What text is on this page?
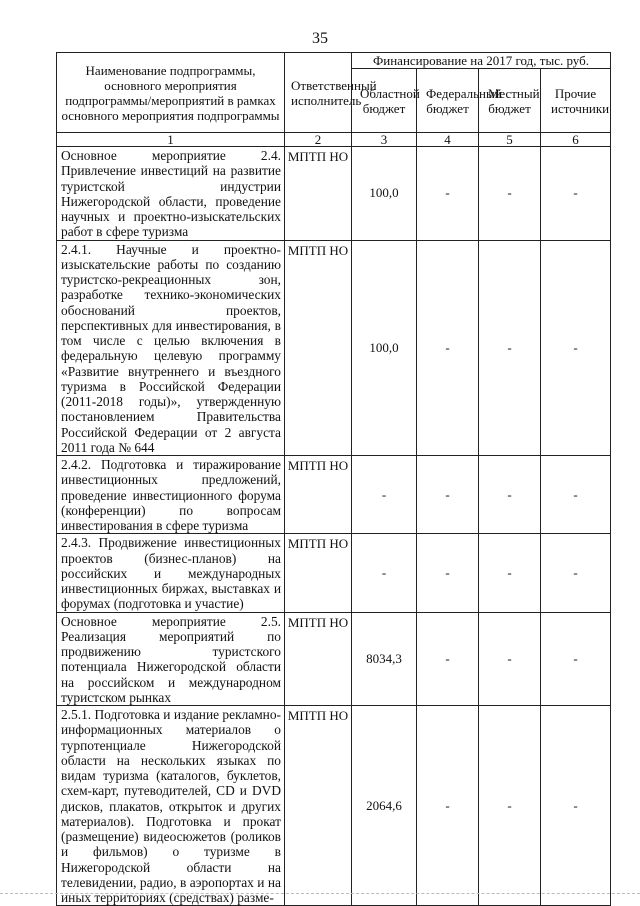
35
Наименование подпрограммы, основного мероприятия подпрограммы/мероприятий в рамках основного мероприятия подпрограммы	Ответственный исполнитель	Финансирование на 2017 год, тыс. руб.			
		Областной бюджет	Федеральный бюджет	Местный бюджет	Прочие источники
1	2	3	4	5	6
Основное мероприятие 2.4. Привлечение инвестиций на развитие туристской индустрии Нижегородской области, проведение научных и проектно-изыскательских работ в сфере туризма	МПТП НО	100,0	-	-	-
2.4.1. Научные и проектно-изыскательские работы по созданию туристско-рекреационных зон, разработке технико-экономических обоснований проектов, перспективных для инвестирования, в том числе с целью включения в федеральную целевую программу «Развитие внутреннего и въездного туризма в Российской Федерации (2011-2018 годы)», утвержденную постановлением Правительства Российской Федерации от 2 августа 2011 года № 644	МПТП НО	100,0	-	-	-
2.4.2. Подготовка и тиражирование инвестиционных предложений, проведение инвестиционного форума (конференции) по вопросам инвестирования в сфере туризма	МПТП НО	-	-	-	-
2.4.3. Продвижение инвестиционных проектов (бизнес-планов) на российских и международных инвестиционных биржах, выставках и форумах (подготовка и участие)	МПТП НО	-	-	-	-
Основное мероприятие 2.5. Реализация мероприятий по продвижению туристского потенциала Нижегородской области на российском и международном туристском рынках	МПТП НО	8034,3	-	-	-
2.5.1. Подготовка и издание рекламно-информационных материалов о турпотенциале Нижегородской области на нескольких языках по видам туризма (каталогов, буклетов, схем-карт, путеводителей, CD и DVD дисков, плакатов, открыток и других материалов). Подготовка и прокат (размещение) видеосюжетов (роликов и фильмов) о туризме в Нижегородской области на телевидении, радио, в аэропортах и на иных территориях (средствах) разме-	МПТП НО	2064,6	-	-	-
